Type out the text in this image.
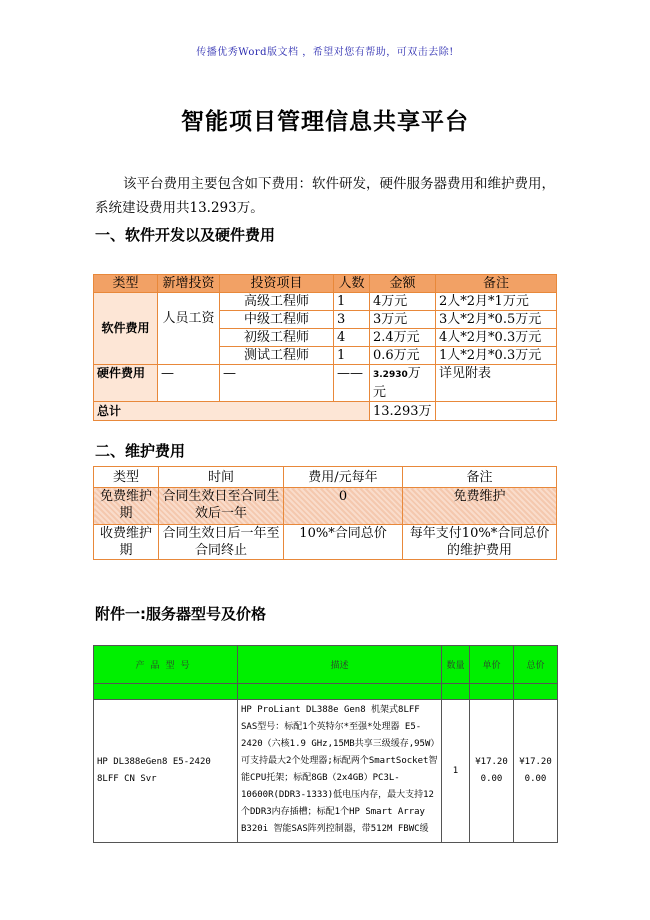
传播优秀Word版文档 ，希望对您有帮助，可双击去除!
智能项目管理信息共享平台
该平台费用主要包含如下费用：软件研发，硬件服务器费用和维护费用，系统建设费用共13.293万。
一、软件开发以及硬件费用
类型	新增投资	投资项目	人数	金额	备注
软件费用	人员工资	高级工程师	1	4万元	2人*2月*1万元
		中级工程师	3	3万元	3人*2月*0.5万元
		初级工程师	4	2.4万元	4人*2月*0.3万元
		测试工程师	1	0.6万元	1人*2月*0.3万元
硬件费用	—	—	——	3.2930万元	详见附表
总计				13.293万	
二、维护费用
类型	时间	费用/元每年	备注
免费维护期	合同生效日至合同生效后一年	0	免费维护
收费维护期	合同生效日后一年至合同终止	10%*合同总价	每年支付10%*合同总价的维护费用
附件一:服务器型号及价格
产品型号	描述	数量	单价	总价

HP DL388eGen8 E5-2420 8LFF CN Svr	HP ProLiant DL388e Gen8 机架式8LFF SAS型号：标配1个英特尔*至强*处理器 E5-2420（六核1.9 GHz,15MB共享三级缓存,95W）可支持最大2个处理器;标配两个SmartSocket智能CPU托架；标配8GB（2x4GB）PC3L-10600R(DDR3-1333)低电压内存，最大支持12个DDR3内存插槽；标配1个HP Smart Array B320i 智能SAS阵列控制器，带512M FBWC缓	1	¥17.20 0.00	¥17.20 0.00
